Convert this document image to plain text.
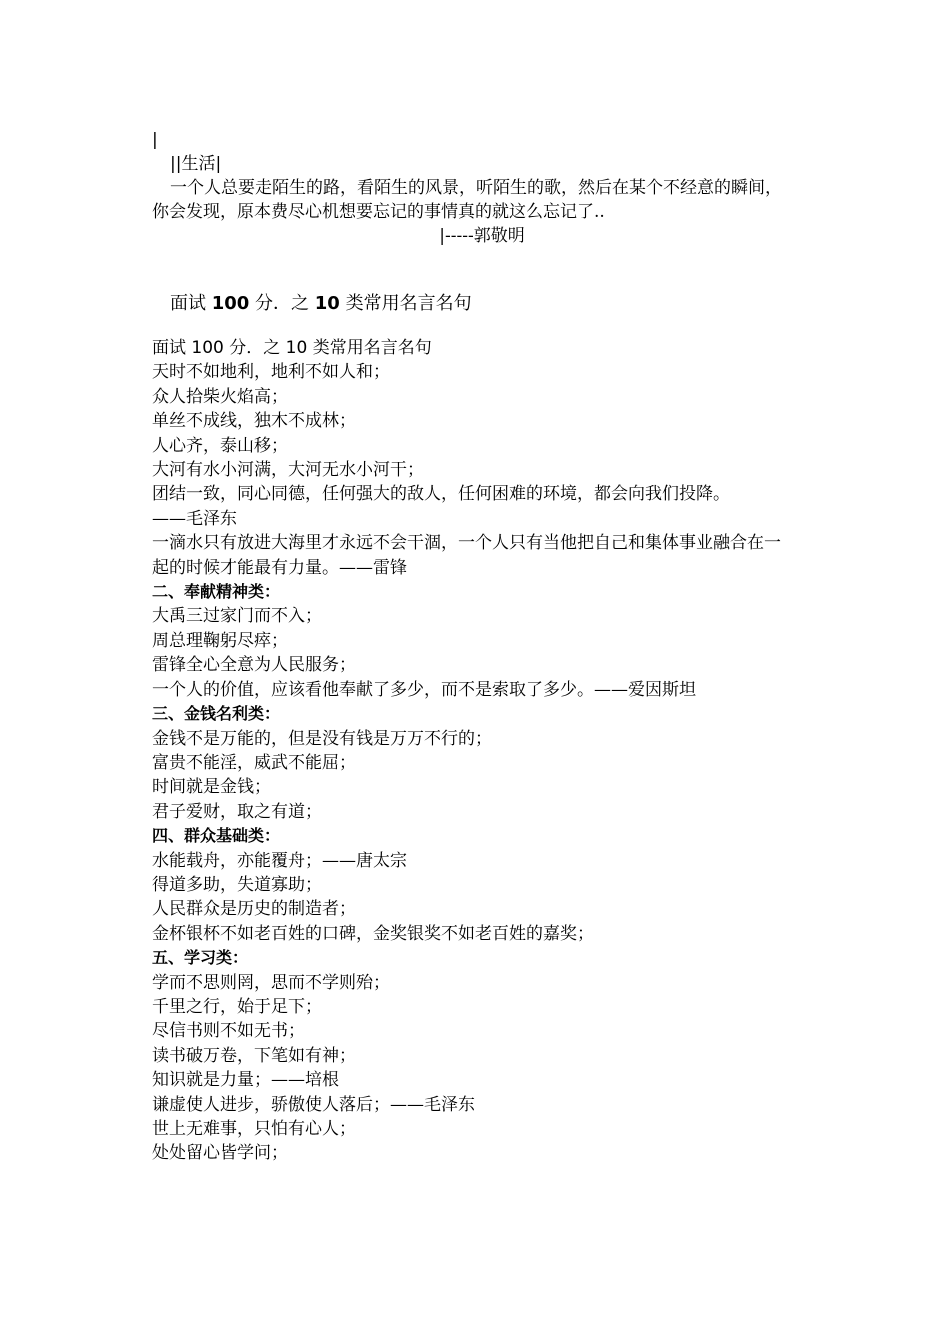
|
||生活|
一个人总要走陌生的路，看陌生的风景，听陌生的歌，然后在某个不经意的瞬间，你会发现，原本费尽心机想要忘记的事情真的就这么忘记了..
|-----郭敬明
面试 100 分．之 10 类常用名言名句
面试 100 分．之 10 类常用名言名句
天时不如地利，地利不如人和；
众人拾柴火焰高；
单丝不成线，独木不成林；
人心齐，泰山移；
大河有水小河满，大河无水小河干；
团结一致，同心同德，任何强大的敌人，任何困难的环境，都会向我们投降。
——毛泽东
一滴水只有放进大海里才永远不会干涸，一个人只有当他把自己和集体事业融合在一起的时候才能最有力量。——雷锋
二、奉献精神类：
大禹三过家门而不入；
周总理鞠躬尽瘁；
雷锋全心全意为人民服务；
一个人的价值，应该看他奉献了多少，而不是索取了多少。——爱因斯坦
三、金钱名利类：
金钱不是万能的，但是没有钱是万万不行的；
富贵不能淫，威武不能屈；
时间就是金钱；
君子爱财，取之有道；
四、群众基础类：
水能载舟，亦能覆舟；——唐太宗
得道多助，失道寡助；
人民群众是历史的制造者；
金杯银杯不如老百姓的口碑，金奖银奖不如老百姓的嘉奖；
五、学习类：
学而不思则罔，思而不学则殆；
千里之行，始于足下；
尽信书则不如无书；
读书破万卷，下笔如有神；
知识就是力量；——培根
谦虚使人进步，骄傲使人落后；——毛泽东
世上无难事，只怕有心人；
处处留心皆学问；
